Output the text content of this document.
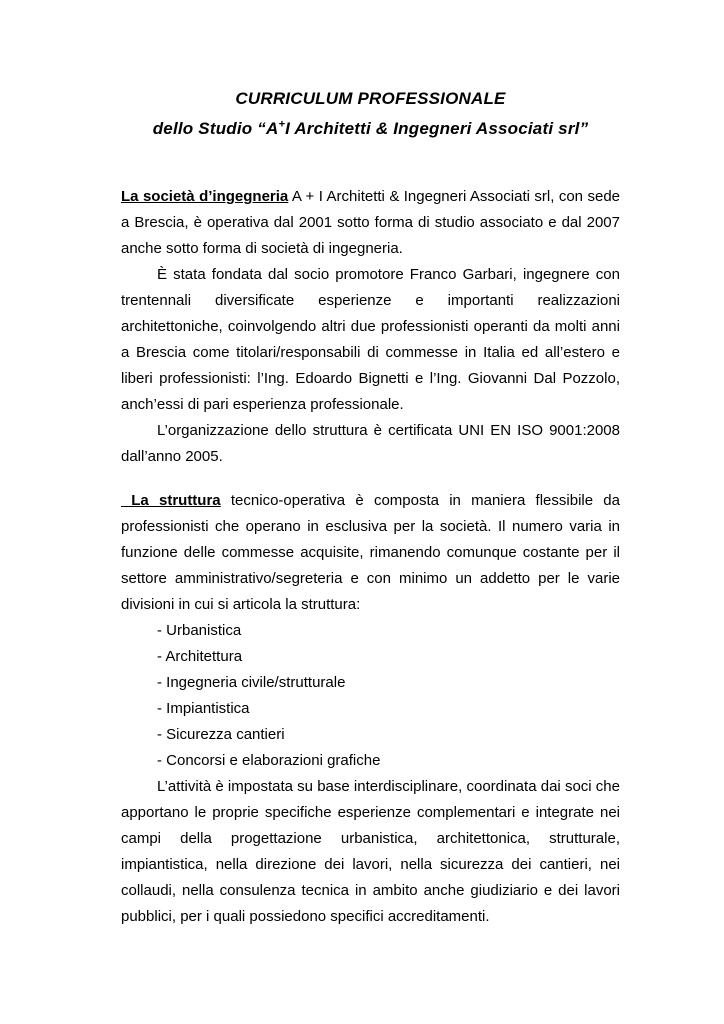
CURRICULUM PROFESSIONALE
dello Studio “A+I Architetti & Ingegneri Associati srl”

La società d’ingegneria A + I Architetti & Ingegneri Associati srl, con sede a Brescia, è operativa dal 2001 sotto forma di studio associato e dal 2007 anche sotto forma di società di ingegneria.

È stata fondata dal socio promotore Franco Garbari, ingegnere con trentennali diversificate esperienze e importanti realizzazioni architettoniche, coinvolgendo altri due professionisti operanti da molti anni a Brescia come titolari/responsabili di commesse in Italia ed all’estero e liberi professionisti: l’Ing. Edoardo Bignetti e l’Ing. Giovanni Dal Pozzolo, anch’essi di pari esperienza professionale.

L’organizzazione dello struttura è certificata UNI EN ISO 9001:2008 dall’anno 2005.

La struttura tecnico-operativa è composta in maniera flessibile da professionisti che operano in esclusiva per la società. Il numero varia in funzione delle commesse acquisite, rimanendo comunque costante per il settore amministrativo/segreteria e con minimo un addetto per le varie divisioni in cui si articola la struttura:

- Urbanistica
- Architettura
- Ingegneria civile/strutturale
- Impiantistica
- Sicurezza cantieri
- Concorsi e elaborazioni grafiche

L’attività è impostata su base interdisciplinare, coordinata dai soci che apportano le proprie specifiche esperienze complementari e integrate nei campi della progettazione urbanistica, architettonica, strutturale, impiantistica, nella direzione dei lavori, nella sicurezza dei cantieri, nei collaudi, nella consulenza tecnica in ambito anche giudiziario e dei lavori pubblici, per i quali possiedono specifici accreditamenti.
